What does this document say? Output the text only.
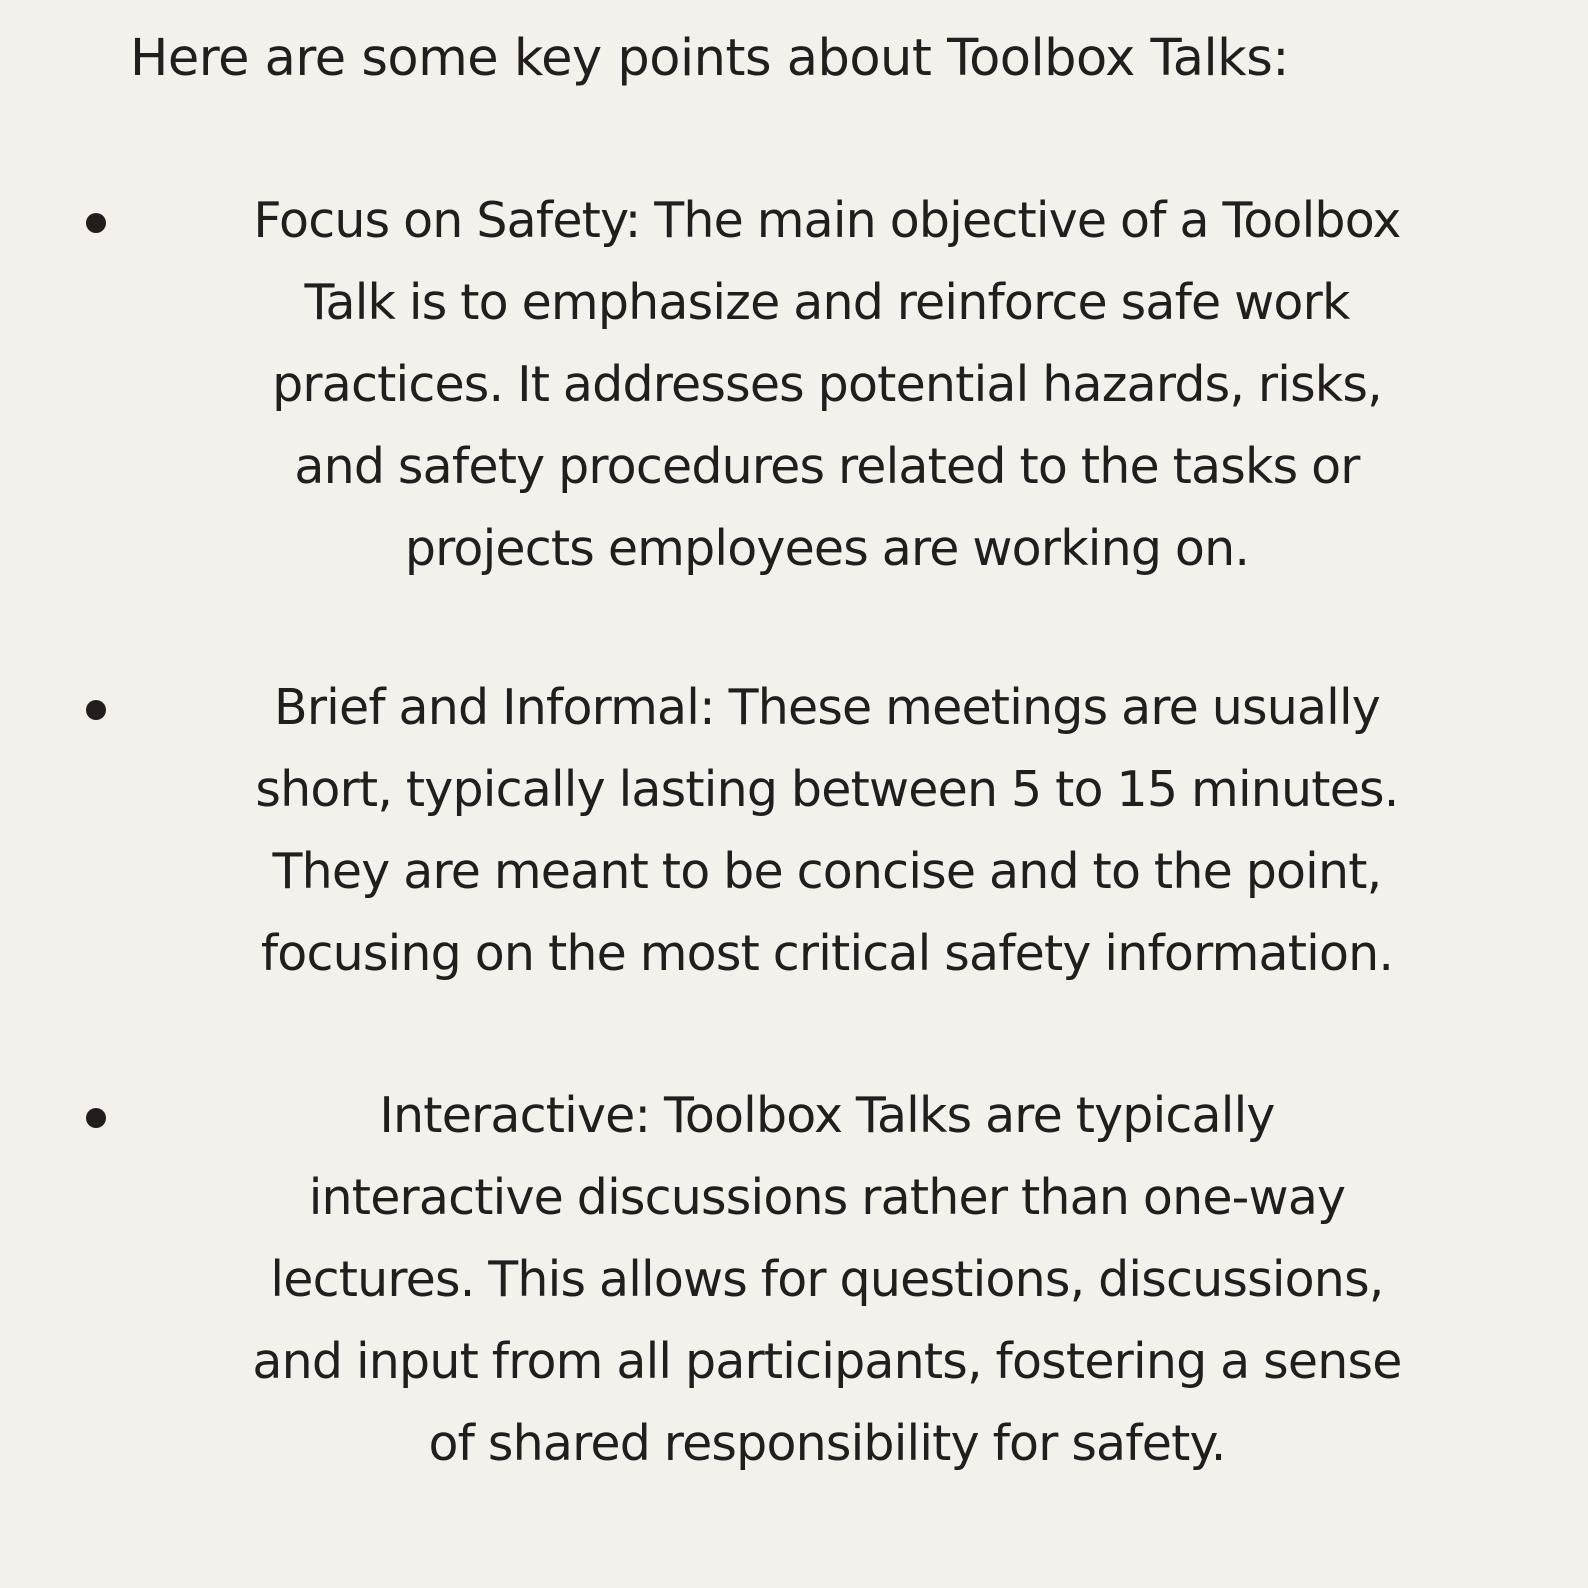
Here are some key points about Toolbox Talks:
Focus on Safety: The main objective of a Toolbox
Talk is to emphasize and reinforce safe work
practices. It addresses potential hazards, risks,
and safety procedures related to the tasks or
projects employees are working on.
Brief and Informal: These meetings are usually
short, typically lasting between 5 to 15 minutes.
They are meant to be concise and to the point,
focusing on the most critical safety information.
Interactive: Toolbox Talks are typically
interactive discussions rather than one-way
lectures. This allows for questions, discussions,
and input from all participants, fostering a sense
of shared responsibility for safety.
